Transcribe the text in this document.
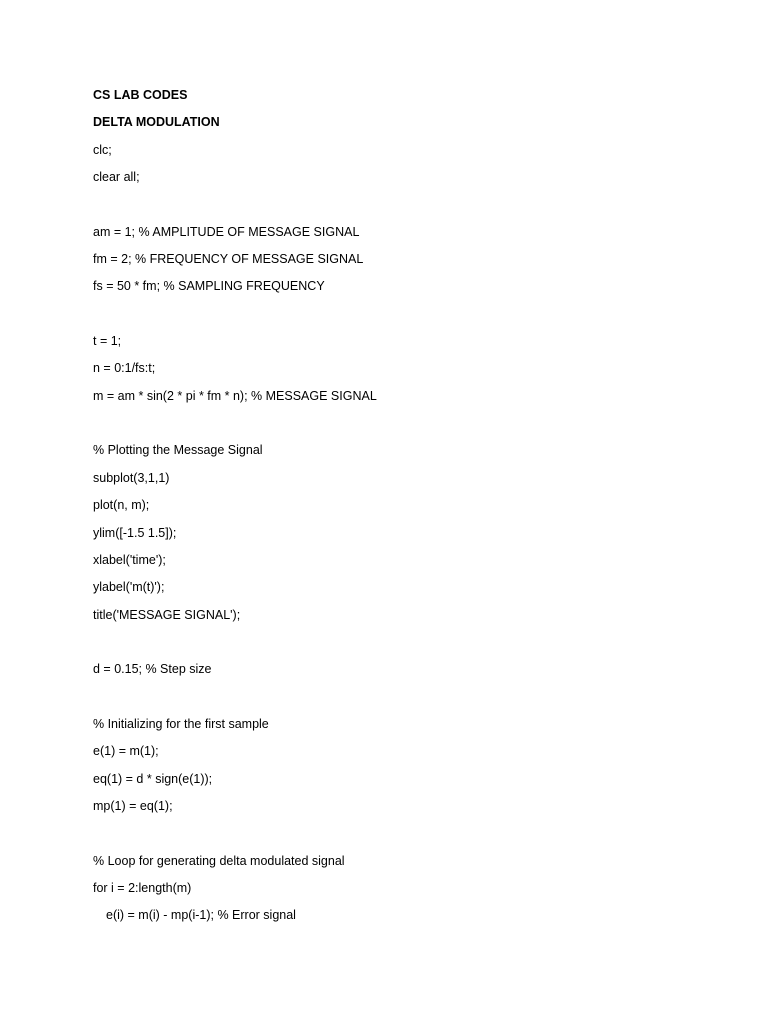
CS LAB CODES
DELTA MODULATION
clc;
clear all;
am = 1; % AMPLITUDE OF MESSAGE SIGNAL
fm = 2; % FREQUENCY OF MESSAGE SIGNAL
fs = 50 * fm; % SAMPLING FREQUENCY
t = 1;
n = 0:1/fs:t;
m = am * sin(2 * pi * fm * n); % MESSAGE SIGNAL
% Plotting the Message Signal
subplot(3,1,1)
plot(n, m);
ylim([-1.5 1.5]);
xlabel('time');
ylabel('m(t)');
title('MESSAGE SIGNAL');
d = 0.15; % Step size
% Initializing for the first sample
e(1) = m(1);
eq(1) = d * sign(e(1));
mp(1) = eq(1);
% Loop for generating delta modulated signal
for i = 2:length(m)
e(i) = m(i) - mp(i-1); % Error signal
